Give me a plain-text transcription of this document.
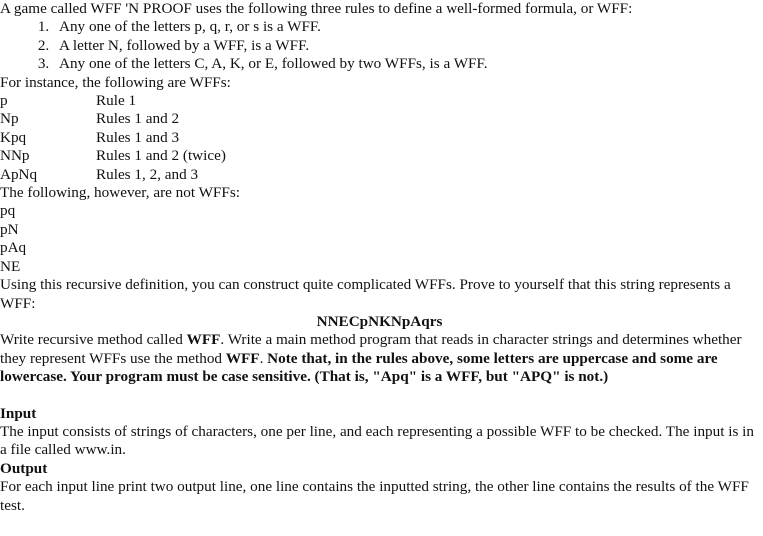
A game called WFF 'N PROOF uses the following three rules to define a well-formed formula, or WFF:
1. Any one of the letters p, q, r, or s is a WFF.
2. A letter N, followed by a WFF, is a WFF.
3. Any one of the letters C, A, K, or E, followed by two WFFs, is a WFF.
For instance, the following are WFFs:
p	Rule 1
Np	Rules 1 and 2
Kpq	Rules 1 and 3
NNp	Rules 1 and 2 (twice)
ApNq	Rules 1, 2, and 3
The following, however, are not WFFs:
pq
pN
pAq
NE
Using this recursive definition, you can construct quite complicated WFFs. Prove to yourself that this string represents a WFF:
NNECpNKNpAqrs
Write recursive method called WFF. Write a main method program that reads in character strings and determines whether they represent WFFs use the method WFF. Note that, in the rules above, some letters are uppercase and some are lowercase. Your program must be case sensitive. (That is, "Apq" is a WFF, but "APQ" is not.)
Input
The input consists of strings of characters, one per line, and each representing a possible WFF to be checked. The input is in a file called www.in.
Output
For each input line print two output line, one line contains the inputted string, the other line contains the results of the WFF test.
